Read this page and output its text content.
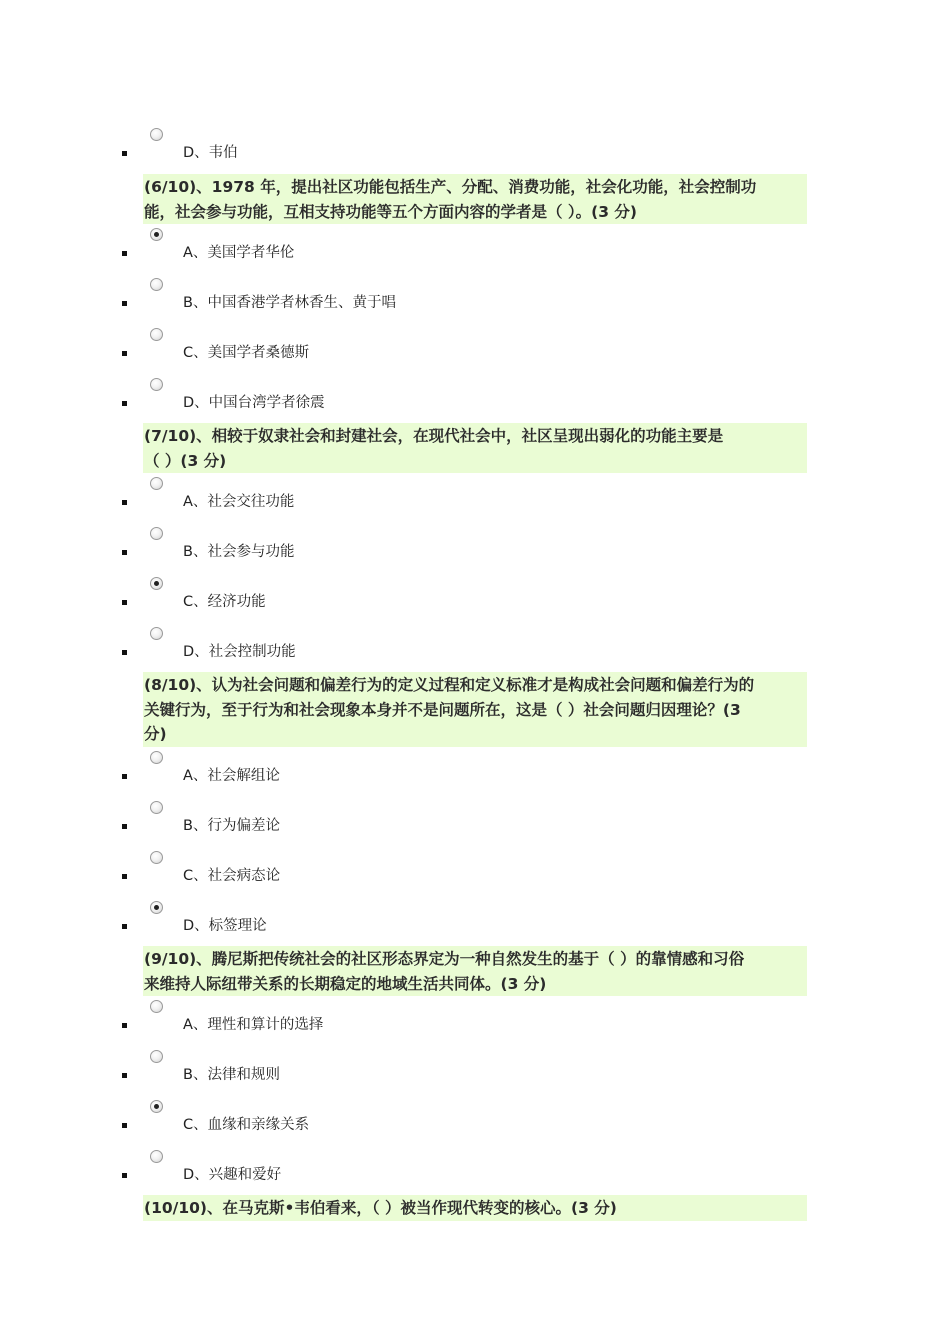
D、韦伯
(6/10)、1978 年，提出社区功能包括生产、分配、消费功能，社会化功能，社会控制功
能，社会参与功能，互相支持功能等五个方面内容的学者是（ ）。(3 分)
A、美国学者华伦
B、中国香港学者林香生、黄于唱
C、美国学者桑德斯
D、中国台湾学者徐震
(7/10)、相较于奴隶社会和封建社会，在现代社会中，社区呈现出弱化的功能主要是
（ ）(3 分)
A、社会交往功能
B、社会参与功能
C、经济功能
D、社会控制功能
(8/10)、认为社会问题和偏差行为的定义过程和定义标准才是构成社会问题和偏差行为的
关键行为，至于行为和社会现象本身并不是问题所在，这是（ ）社会问题归因理论？(3
分)
A、社会解组论
B、行为偏差论
C、社会病态论
D、标签理论
(9/10)、腾尼斯把传统社会的社区形态界定为一种自然发生的基于（ ）的靠情感和习俗
来维持人际纽带关系的长期稳定的地域生活共同体。(3 分)
A、理性和算计的选择
B、法律和规则
C、血缘和亲缘关系
D、兴趣和爱好
(10/10)、在马克斯•韦伯看来，（ ）被当作现代转变的核心。(3 分)
